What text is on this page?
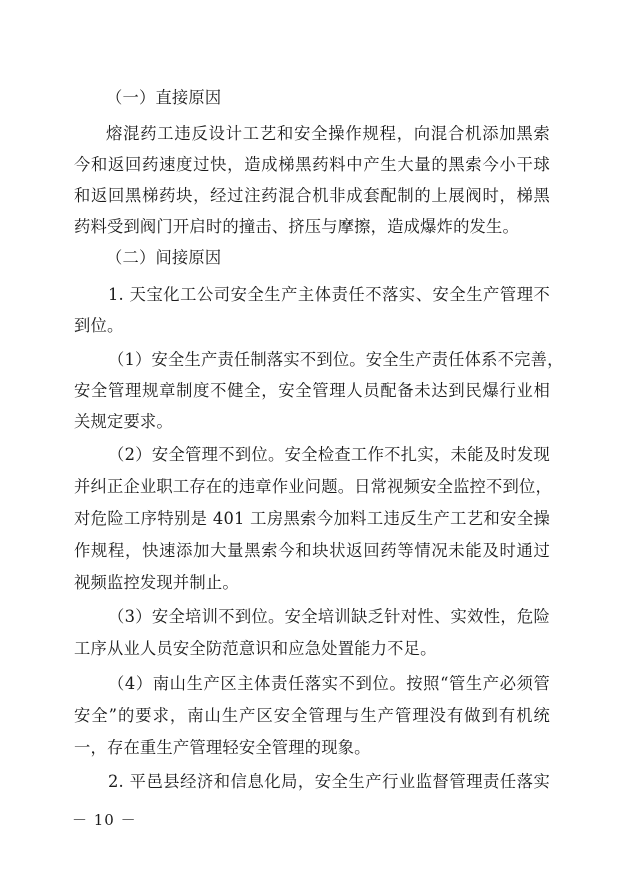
（一）直接原因
熔混药工违反设计工艺和安全操作规程，向混合机添加黑索
今和返回药速度过快，造成梯黑药料中产生大量的黑索今小干球
和返回黑梯药块，经过注药混合机非成套配制的上展阀时，梯黑
药料受到阀门开启时的撞击、挤压与摩擦，造成爆炸的发生。
（二）间接原因
1. 天宝化工公司安全生产主体责任不落实、安全生产管理不
到位。
（1）安全生产责任制落实不到位。安全生产责任体系不完善，
安全管理规章制度不健全，安全管理人员配备未达到民爆行业相
关规定要求。
（2）安全管理不到位。安全检查工作不扎实，未能及时发现
并纠正企业职工存在的违章作业问题。日常视频安全监控不到位，
对危险工序特别是 401 工房黑索今加料工违反生产工艺和安全操
作规程，快速添加大量黑索今和块状返回药等情况未能及时通过
视频监控发现并制止。
（3）安全培训不到位。安全培训缺乏针对性、实效性，危险
工序从业人员安全防范意识和应急处置能力不足。
（4）南山生产区主体责任落实不到位。按照“管生产必须管
安全”的要求，南山生产区安全管理与生产管理没有做到有机统
一，存在重生产管理轻安全管理的现象。
2. 平邑县经济和信息化局，安全生产行业监督管理责任落实
－ 10 －
